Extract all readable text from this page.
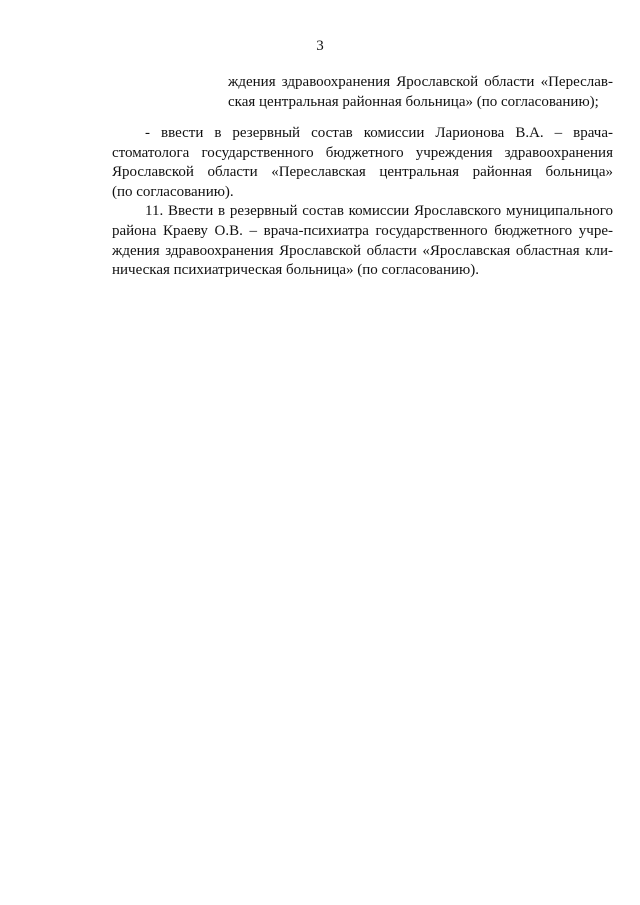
3
ждения здравоохранения Ярославской области «Переслав-
ская центральная районная больница» (по согласованию);
- ввести в резервный состав комиссии Ларионова В.А. – врача-
стоматолога государственного бюджетного учреждения здравоохранения
Ярославской области «Переславская центральная районная больница»
(по согласованию).
11. Ввести в резервный состав комиссии Ярославского муниципального
района Краеву О.В. – врача-психиатра государственного бюджетного учре-
ждения здравоохранения Ярославской области «Ярославская областная кли-
ническая психиатрическая больница» (по согласованию).
